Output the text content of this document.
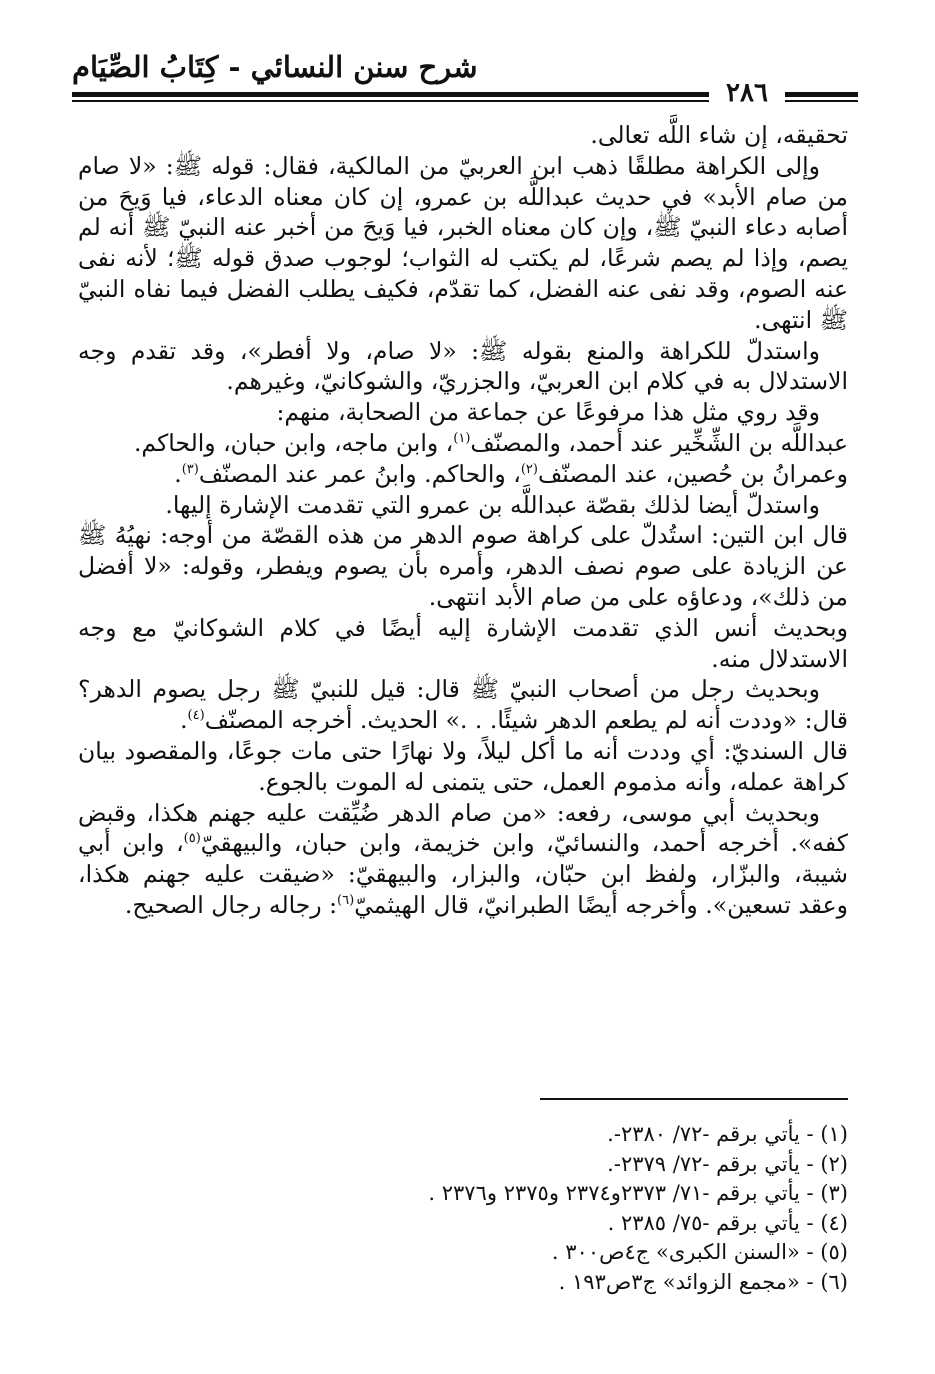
شرح سنن النسائي - كِتَابُ الصِّيَام
٢٨٦

تحقيقه، إن شاء اللَّه تعالى.

وإلى الكراهة مطلقًا ذهب ابن العربيّ من المالكية، فقال: قوله ﷺ: «لا صام من صام الأبد» في حديث عبداللَّه بن عمرو، إن كان معناه الدعاء، فيا وَيحَ من أصابه دعاء النبيّ ﷺ، وإن كان معناه الخبر، فيا وَيحَ من أخبر عنه النبيّ ﷺ أنه لم يصم، وإذا لم يصم شرعًا، لم يكتب له الثواب؛ لوجوب صدق قوله ﷺ؛ لأنه نفى عنه الصوم، وقد نفى عنه الفضل، كما تقدّم، فكيف يطلب الفضل فيما نفاه النبيّ ﷺ انتهى.

واستدلّ للكراهة والمنع بقوله ﷺ: «لا صام، ولا أفطر»، وقد تقدم وجه الاستدلال به في كلام ابن العربيّ، والجزريّ، والشوكانيّ، وغيرهم.

وقد روي مثل هذا مرفوعًا عن جماعة من الصحابة، منهم:

عبداللَّه بن الشِّخِّير عند أحمد، والمصنّف$^{(١)}$، وابن ماجه، وابن حبان، والحاكم.

وعمرانُ بن حُصين، عند المصنّف$^{(٢)}$، والحاكم. وابنُ عمر عند المصنّف$^{(٣)}$.

واستدلّ أيضا لذلك بقصّة عبداللَّه بن عمرو التي تقدمت الإشارة إليها.

قال ابن التين: استُدلّ على كراهة صوم الدهر من هذه القصّة من أوجه: نهيُهُ ﷺ عن الزيادة على صوم نصف الدهر، وأمره بأن يصوم ويفطر، وقوله: «لا أفضل من ذلك»، ودعاؤه على من صام الأبد انتهى.

وبحديث أنس الذي تقدمت الإشارة إليه أيضًا في كلام الشوكانيّ مع وجه الاستدلال منه.

وبحديث رجل من أصحاب النبيّ ﷺ قال: قيل للنبيّ ﷺ رجل يصوم الدهر؟ قال: «وددت أنه لم يطعم الدهر شيئًا. . .» الحديث. أخرجه المصنّف$^{(٤)}$.

قال السنديّ: أي وددت أنه ما أكل ليلاً، ولا نهارًا حتى مات جوعًا، والمقصود بيان كراهة عمله، وأنه مذموم العمل، حتى يتمنى له الموت بالجوع.

وبحديث أبي موسى، رفعه: «من صام الدهر ضُيِّقت عليه جهنم هكذا، وقبض كفه». أخرجه أحمد، والنسائيّ، وابن خزيمة، وابن حبان، والبيهقيّ$^{(٥)}$، وابن أبي شيبة، والبزّار، ولفظ ابن حبّان، والبزار، والبيهقيّ: «ضيقت عليه جهنم هكذا، وعقد تسعين». وأخرجه أيضًا الطبرانيّ، قال الهيثميّ$^{(٦)}$: رجاله رجال الصحيح.

(١) - يأتي برقم -٧٢/ ٢٣٨٠-.

(٢) - يأتي برقم -٧٢/ ٢٣٧٩-.

(٣) - يأتي برقم -٧١/ ٢٣٧٣و٢٣٧٤ و٢٣٧٥ و٢٣٧٦ .

(٤) - يأتي برقم -٧٥/ ٢٣٨٥ .

(٥) - «السنن الكبرى» ج٤ص٣٠٠ .

(٦) - «مجمع الزوائد» ج٣ص١٩٣ .
